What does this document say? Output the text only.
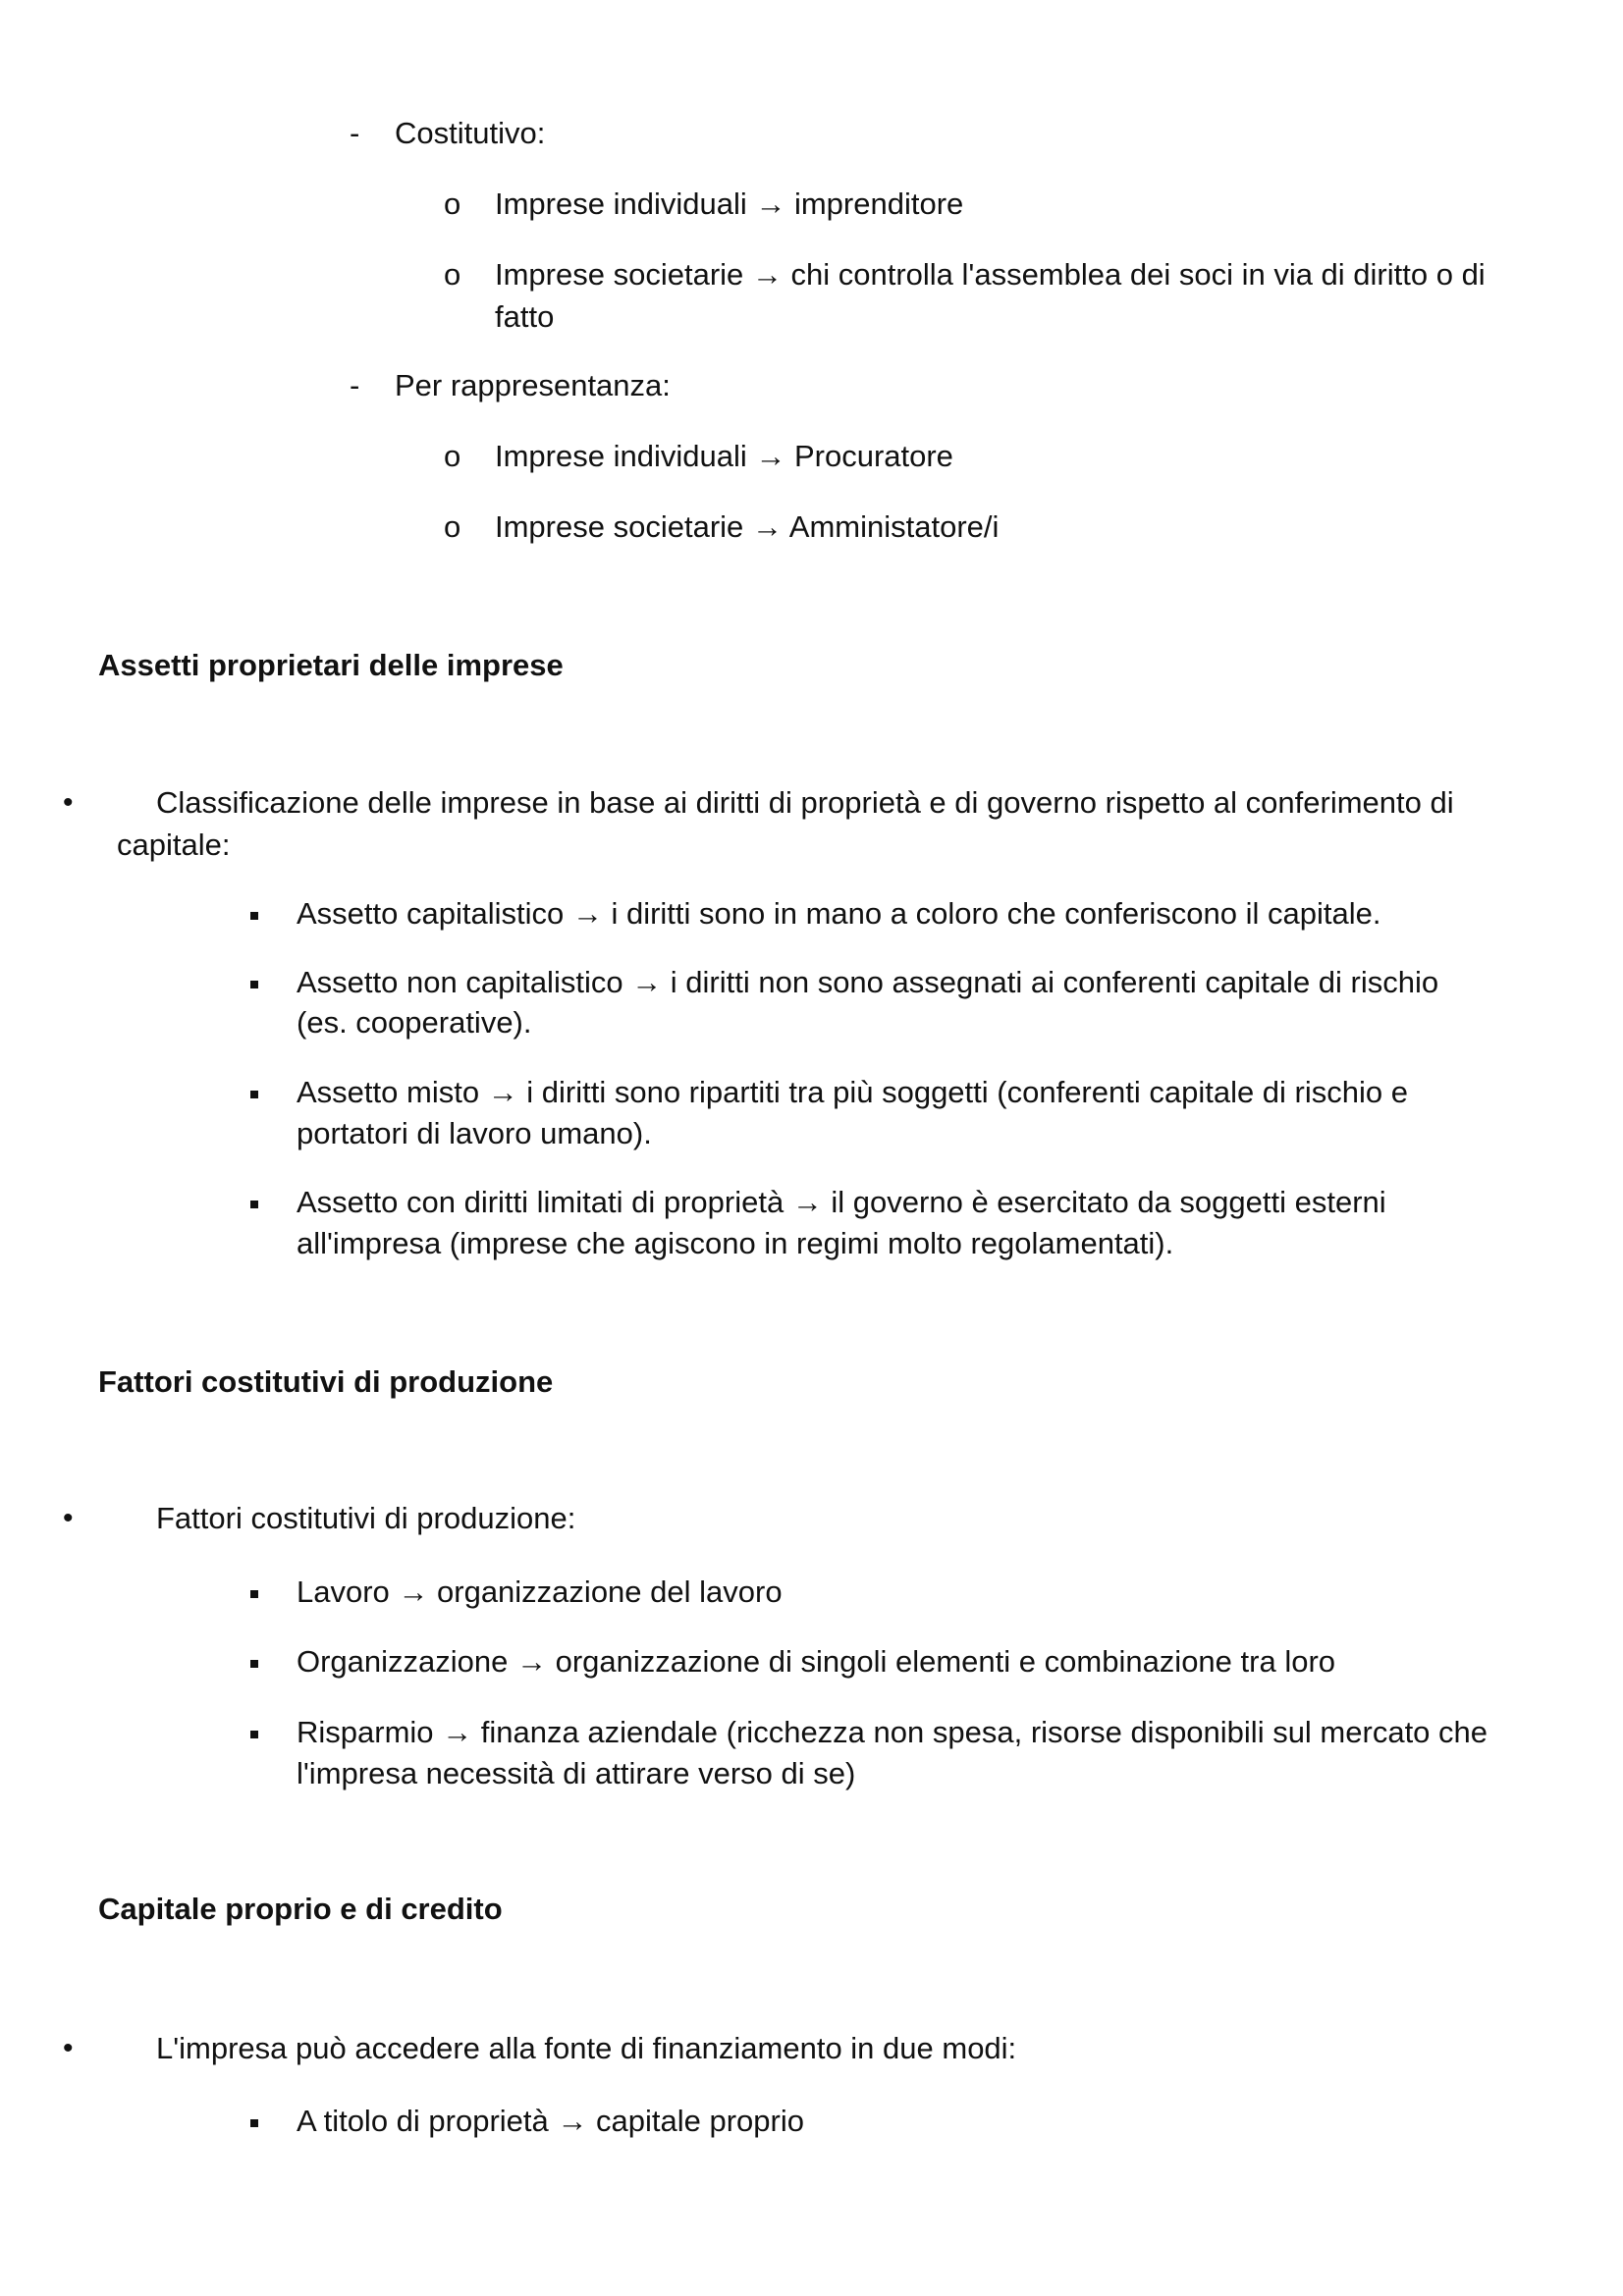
- Costitutivo:
o Imprese individuali → imprenditore
o Imprese societarie → chi controlla l'assemblea dei soci in via di diritto o di
fatto
- Per rappresentanza:
o Imprese individuali → Procuratore
o Imprese societarie → Amministatore/i
Assetti proprietari delle imprese
•	Classificazione delle imprese in base ai diritti di proprietà e di governo rispetto al conferimento di
capitale:
Assetto capitalistico → i diritti sono in mano a coloro che conferiscono il capitale.
Assetto non capitalistico → i diritti non sono assegnati ai conferenti capitale di rischio
(es. cooperative).
Assetto misto → i diritti sono ripartiti tra più soggetti (conferenti capitale di rischio e
portatori di lavoro umano).
Assetto con diritti limitati di proprietà → il governo è esercitato da soggetti esterni
all'impresa (imprese che agiscono in regimi molto regolamentati).
Fattori costitutivi di produzione
•	Fattori costitutivi di produzione:
Lavoro → organizzazione del lavoro
Organizzazione → organizzazione di singoli elementi e combinazione tra loro
Risparmio → finanza aziendale (ricchezza non spesa, risorse disponibili sul mercato che
l'impresa necessità di attirare verso di se)
Capitale proprio e di credito
•	L'impresa può accedere alla fonte di finanziamento in due modi:
A titolo di proprietà → capitale proprio
